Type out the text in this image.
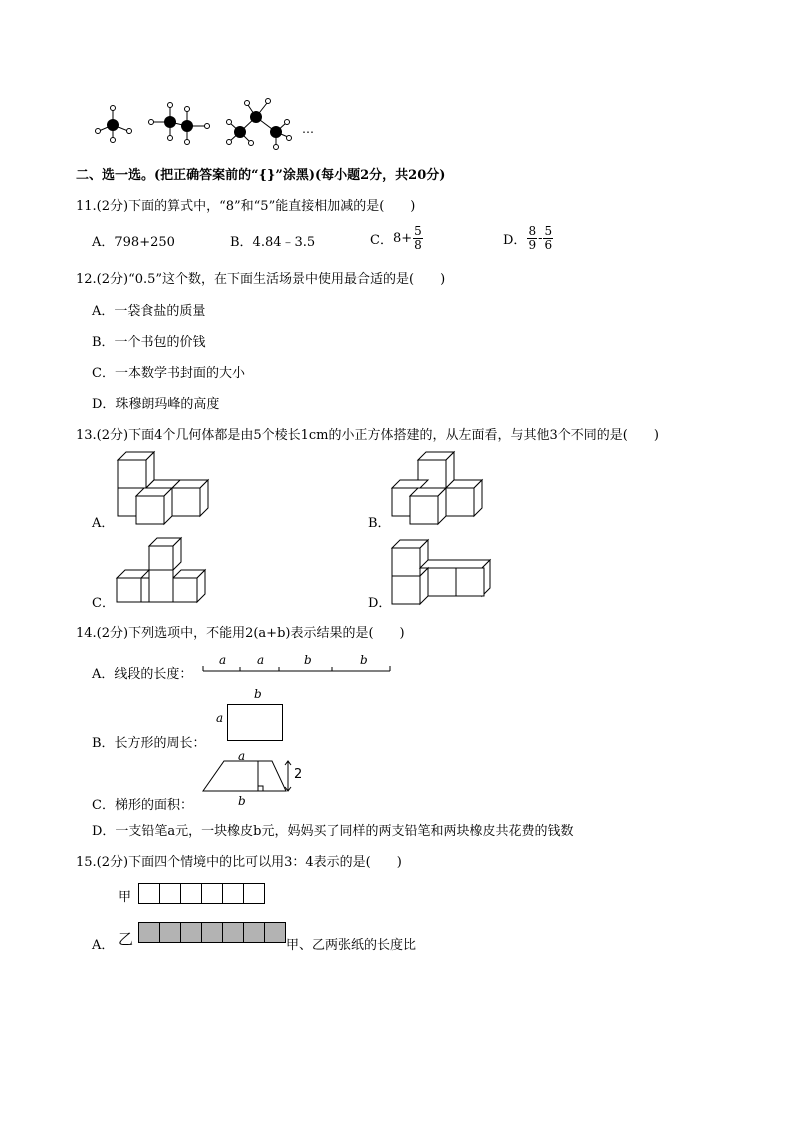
…
二、选一选。(把正确答案前的“{}”涂黑)(每小题2分，共20分)
11.(2分)下面的算式中，“8”和“5”能直接相加减的是(　　)
A．798+250	B．4.84﹣3.5	C． $8+ \frac{5}{8}$	D． $\frac{8}{9} - \frac{5}{6}$
12.(2分)“0.5”这个数，在下面生活场景中使用最合适的是(　　)
A．一袋食盐的质量
B．一个书包的价钱
C．一本数学书封面的大小
D．珠穆朗玛峰的高度
13.(2分)下面4个几何体都是由5个棱长1cm的小正方体搭建的，从左面看，与其他3个不同的是(　　)
A．	B．
C．	D．
14.(2分)下列选项中，不能用2(a+b)表示结果的是(　　)
A．线段的长度：
a	a	b	b
b
a
B．长方形的周长：
a
2
b
C．梯形的面积：
D．一支铅笔a元，一块橡皮b元，妈妈买了同样的两支铅笔和两块橡皮共花费的钱数
15.(2分)下面四个情境中的比可以用3：4表示的是(　　)
甲
乙
A．	甲、乙两张纸的长度比
